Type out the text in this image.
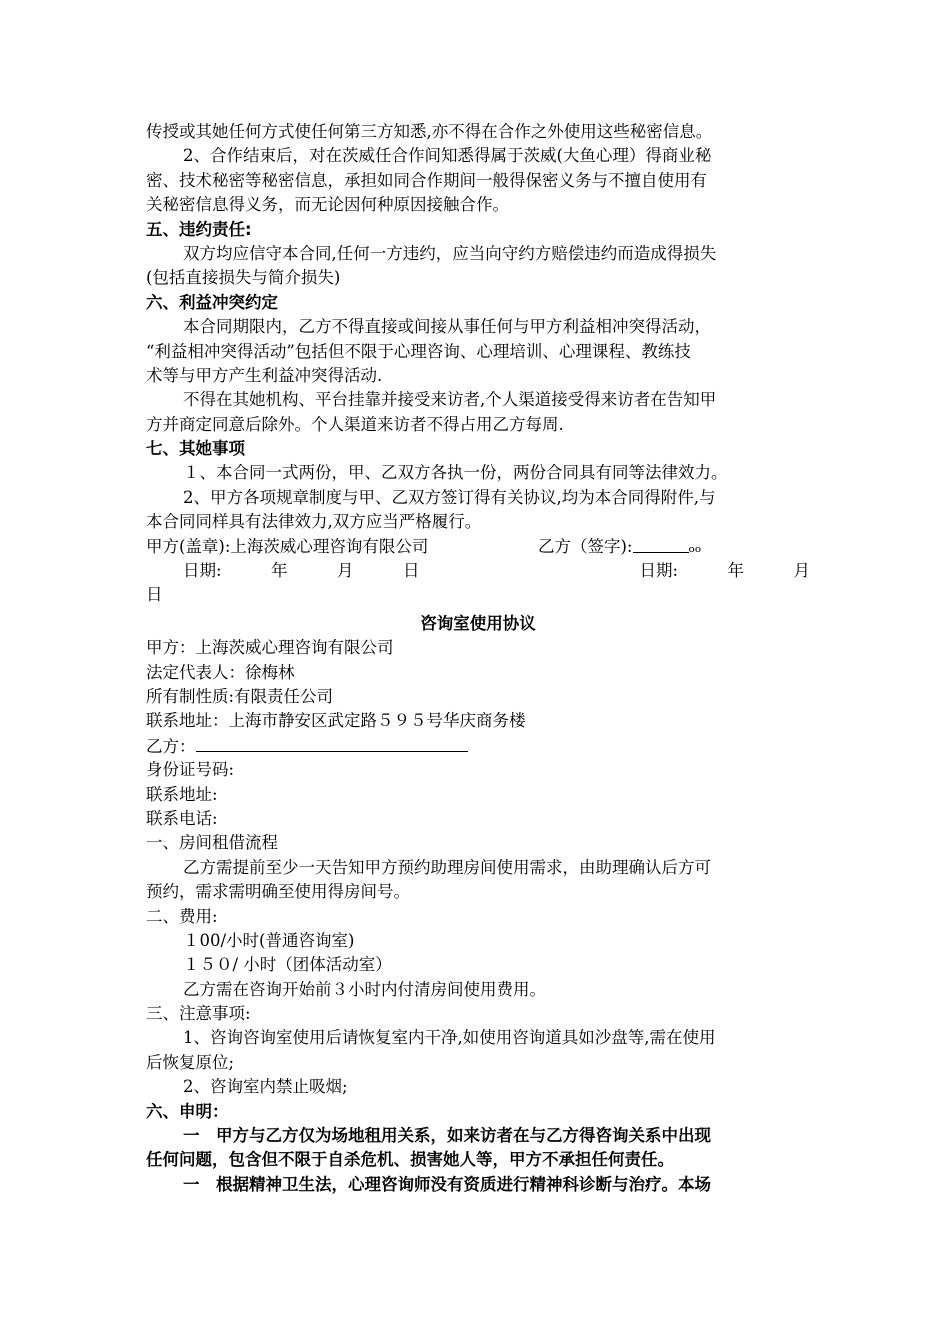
传授或其她任何方式使任何第三方知悉,亦不得在合作之外使用这些秘密信息。
2、合作结束后，对在茨威任合作间知悉得属于茨威(大鱼心理）得商业秘
密、技术秘密等秘密信息，承担如同合作期间一般得保密义务与不擅自使用有
关秘密信息得义务，而无论因何种原因接触合作。
五、违约责任:
双方均应信守本合同,任何一方违约，应当向守约方赔偿违约而造成得损失
(包括直接损失与简介损失)
六、利益冲突约定
本合同期限内，乙方不得直接或间接从事任何与甲方利益相冲突得活动，
“利益相冲突得活动”包括但不限于心理咨询、心理培训、心理课程、教练技
术等与甲方产生利益冲突得活动.
不得在其她机构、平台挂靠并接受来访者,个人渠道接受得来访者在告知甲
方并商定同意后除外。个人渠道来访者不得占用乙方每周.
七、其她事项
１、本合同一式两份，甲、乙双方各执一份，两份合同具有同等法律效力。
2、甲方各项规章制度与甲、乙双方签订得有关协议,均为本合同得附件,与
本合同同样具有法律效力,双方应当严格履行。
甲方(盖章):上海茨威心理咨询有限公司	乙方（签字):	ₒₒ
日期:　　　年　　　月　　　日	日期:　　　年　　　月
日
咨询室使用协议
甲方：上海茨威心理咨询有限公司
法定代表人：徐梅林
所有制性质:有限责任公司
联系地址：上海市静安区武定路５９５号华庆商务楼
乙方：
身份证号码:
联系地址:
联系电话:
一、房间租借流程
乙方需提前至少一天告知甲方预约助理房间使用需求，由助理确认后方可
预约，需求需明确至使用得房间号。
二、费用:
１00/小时(普通咨询室)
１５０/ 小时（团体活动室）
乙方需在咨询开始前３小时内付清房间使用费用。
三、注意事项:
1、咨询咨询室使用后请恢复室内干净,如使用咨询道具如沙盘等,需在使用
后恢复原位;
2、咨询室内禁止吸烟;
六、申明：
一　甲方与乙方仅为场地租用关系，如来访者在与乙方得咨询关系中出现
任何问题，包含但不限于自杀危机、损害她人等，甲方不承担任何责任。
一　根据精神卫生法，心理咨询师没有资质进行精神科诊断与治疗。本场
